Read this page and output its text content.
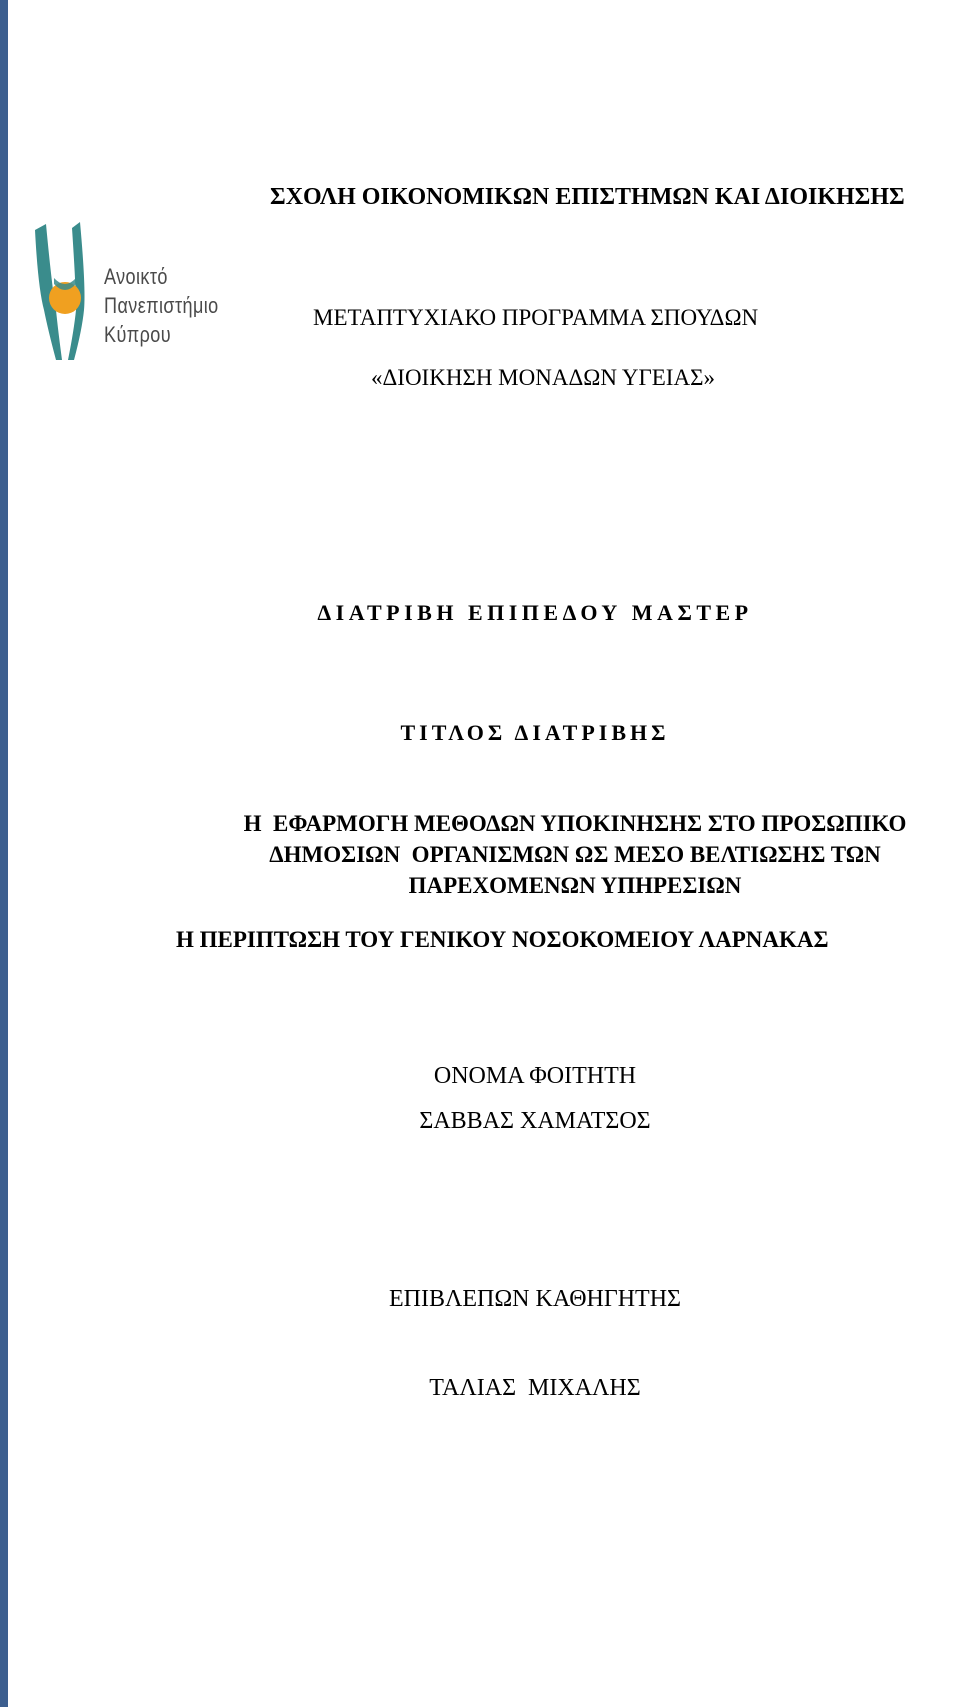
Ανοικτό
Πανεπιστήμιο
Κύπρου
ΣΧΟΛΗ ΟΙΚΟΝΟΜΙΚΩΝ ΕΠΙΣΤΗΜΩΝ ΚΑΙ ΔΙΟΙΚΗΣΗΣ
ΜΕΤΑΠΤΥΧΙΑΚΟ ΠΡΟΓΡΑΜΜΑ ΣΠΟΥΔΩΝ
«ΔΙΟΙΚΗΣΗ ΜΟΝΑΔΩΝ ΥΓΕΙΑΣ»
ΔΙΑΤΡΙΒΗ ΕΠΙΠΕΔΟΥ ΜΑΣΤΕΡ
ΤΙΤΛΟΣ ΔΙΑΤΡΙΒΗΣ
Η  ΕΦΑΡΜΟΓΗ ΜΕΘΟΔΩΝ ΥΠΟΚΙΝΗΣΗΣ ΣΤΟ ΠΡΟΣΩΠΙΚΟ
ΔΗΜΟΣΙΩΝ  ΟΡΓΑΝΙΣΜΩΝ ΩΣ ΜΕΣΟ ΒΕΛΤΙΩΣΗΣ ΤΩΝ
ΠΑΡΕΧΟΜΕΝΩΝ ΥΠΗΡΕΣΙΩΝ
Η ΠΕΡΙΠΤΩΣΗ ΤΟΥ ΓΕΝΙΚΟΥ ΝΟΣΟΚΟΜΕΙΟΥ ΛΑΡΝΑΚΑΣ
ΟΝΟΜΑ ΦΟΙΤΗΤΗ
ΣΑΒΒΑΣ ΧΑΜΑΤΣΟΣ
ΕΠΙΒΛΕΠΩΝ ΚΑΘΗΓΗΤΗΣ
ΤΑΛΙΑΣ  ΜΙΧΑΛΗΣ
